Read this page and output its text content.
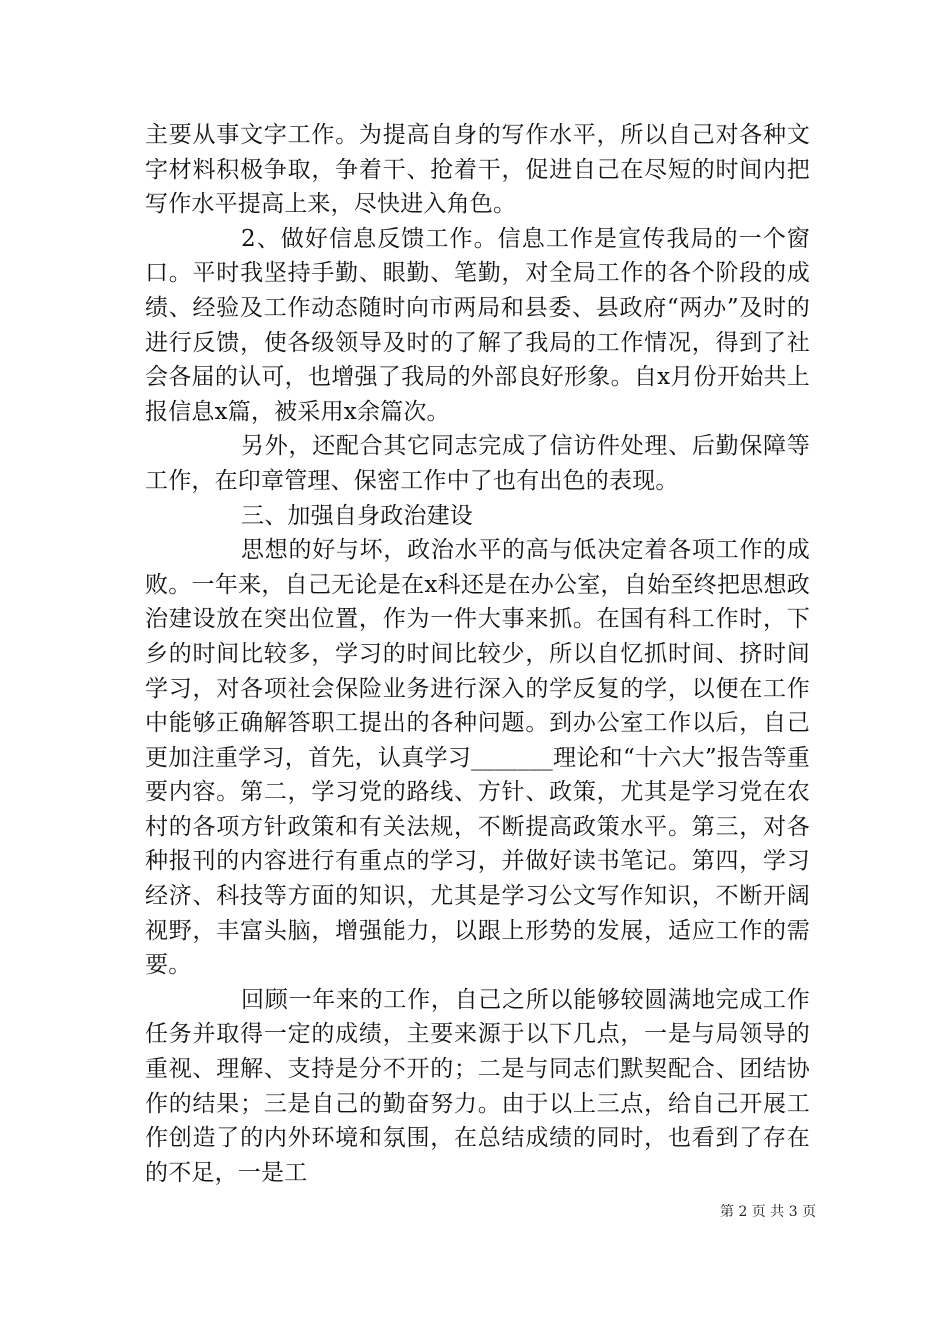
主要从事文字工作。为提高自身的写作水平，所以自己对各种文字材料积极争取，争着干、抢着干，促进自己在尽短的时间内把写作水平提高上来，尽快进入角色。

2、做好信息反馈工作。信息工作是宣传我局的一个窗口。平时我坚持手勤、眼勤、笔勤，对全局工作的各个阶段的成绩、经验及工作动态随时向市两局和县委、县政府“两办”及时的进行反馈，使各级领导及时的了解了我局的工作情况，得到了社会各届的认可，也增强了我局的外部良好形象。自x月份开始共上报信息x篇，被采用x余篇次。

另外，还配合其它同志完成了信访件处理、后勤保障等工作，在印章管理、保密工作中了也有出色的表现。

三、加强自身政治建设

思想的好与坏，政治水平的高与低决定着各项工作的成败。一年来，自己无论是在x科还是在办公室，自始至终把思想政治建设放在突出位置，作为一件大事来抓。在国有科工作时，下乡的时间比较多，学习的时间比较少，所以自忆抓时间、挤时间学习，对各项社会保险业务进行深入的学反复的学，以便在工作中能够正确解答职工提出的各种问题。到办公室工作以后，自己更加注重学习，首先，认真学习_______理论和“十六大”报告等重要内容。第二，学习党的路线、方针、政策，尤其是学习党在农村的各项方针政策和有关法规，不断提高政策水平。第三，对各种报刊的内容进行有重点的学习，并做好读书笔记。第四，学习经济、科技等方面的知识，尤其是学习公文写作知识，不断开阔视野，丰富头脑，增强能力，以跟上形势的发展，适应工作的需要。

回顾一年来的工作，自己之所以能够较圆满地完成工作任务并取得一定的成绩，主要来源于以下几点，一是与局领导的重视、理解、支持是分不开的；二是与同志们默契配合、团结协作的结果；三是自己的勤奋努力。由于以上三点，给自己开展工作创造了的内外环境和氛围，在总结成绩的同时，也看到了存在的不足，一是工

第 2 页 共 3 页
